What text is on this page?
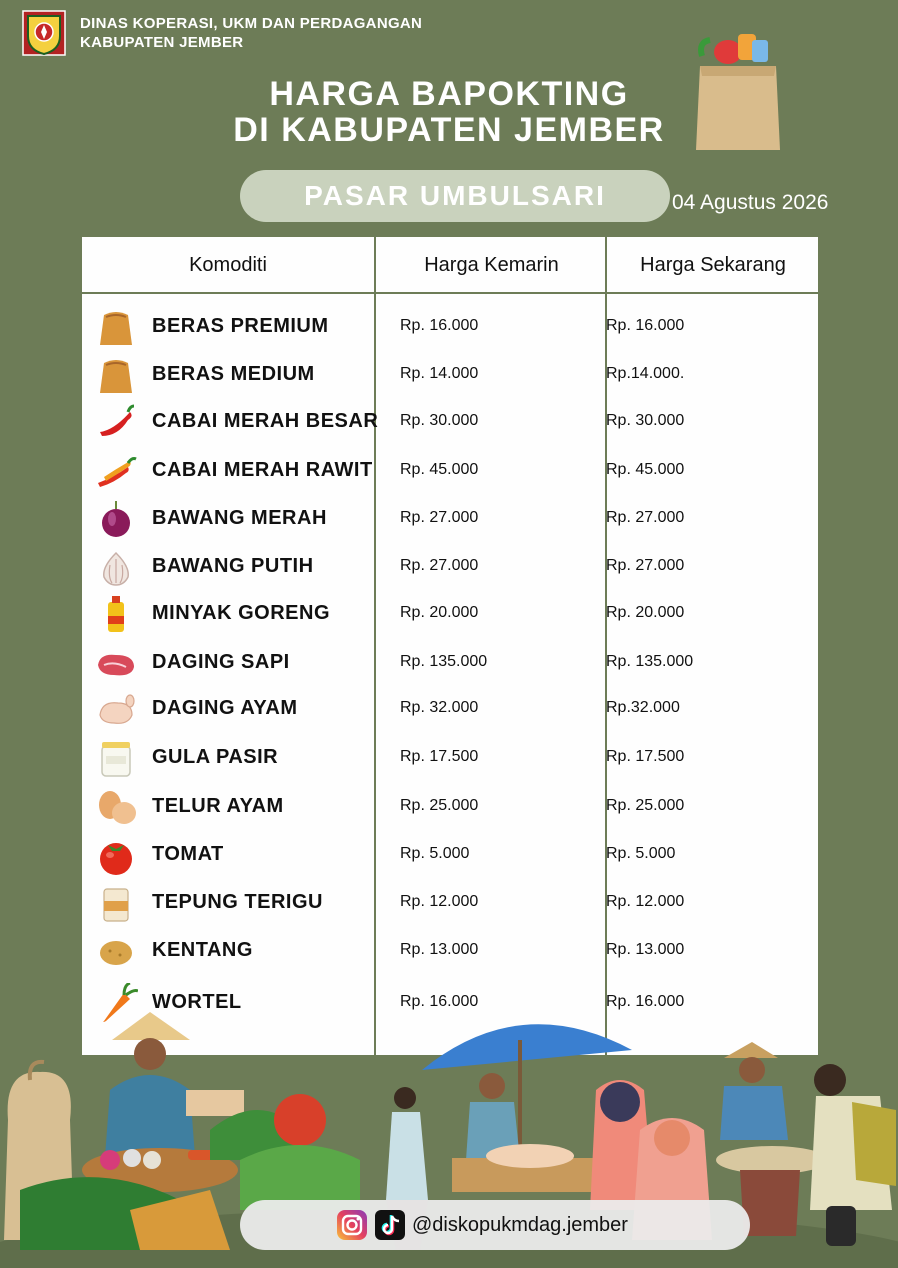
DINAS KOPERASI, UKM DAN PERDAGANGAN
KABUPATEN JEMBER
HARGA BAPOKTING
DI KABUPATEN JEMBER
PASAR UMBULSARI	04 Agustus 2026
Komoditi	Harga Kemarin	Harga Sekarang
BERAS PREMIUM	Rp. 16.000	Rp. 16.000
BERAS MEDIUM	Rp. 14.000	Rp.14.000.
CABAI MERAH BESAR Rp. 30.000	Rp. 30.000
CABAI MERAH RAWIT Rp. 45.000	Rp. 45.000
BAWANG MERAH	Rp. 27.000	Rp. 27.000
BAWANG PUTIH	Rp. 27.000	Rp. 27.000
MINYAK GORENG	Rp. 20.000	Rp. 20.000
DAGING SAPI	Rp. 135.000	Rp. 135.000
DAGING AYAM	Rp. 32.000	Rp.32.000
GULA PASIR	Rp. 17.500	Rp. 17.500
TELUR AYAM	Rp. 25.000	Rp. 25.000
TOMAT	Rp. 5.000	Rp. 5.000
TEPUNG TERIGU	Rp. 12.000	Rp. 12.000
KENTANG	Rp. 13.000	Rp. 13.000
WORTEL	Rp. 16.000	Rp. 16.000
@diskopukmdag.jember
